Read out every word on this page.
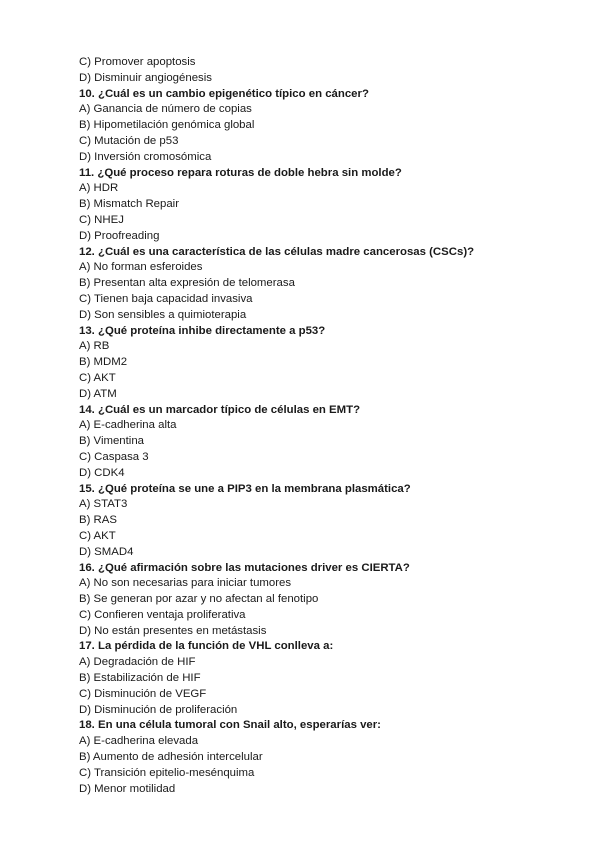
C) Promover apoptosis
D) Disminuir angiogénesis
10. ¿Cuál es un cambio epigenético típico en cáncer?
A) Ganancia de número de copias
B) Hipometilación genómica global
C) Mutación de p53
D) Inversión cromosómica
11. ¿Qué proceso repara roturas de doble hebra sin molde?
A) HDR
B) Mismatch Repair
C) NHEJ
D) Proofreading
12. ¿Cuál es una característica de las células madre cancerosas (CSCs)?
A) No forman esferoides
B) Presentan alta expresión de telomerasa
C) Tienen baja capacidad invasiva
D) Son sensibles a quimioterapia
13. ¿Qué proteína inhibe directamente a p53?
A) RB
B) MDM2
C) AKT
D) ATM
14. ¿Cuál es un marcador típico de células en EMT?
A) E-cadherina alta
B) Vimentina
C) Caspasa 3
D) CDK4
15. ¿Qué proteína se une a PIP3 en la membrana plasmática?
A) STAT3
B) RAS
C) AKT
D) SMAD4
16. ¿Qué afirmación sobre las mutaciones driver es CIERTA?
A) No son necesarias para iniciar tumores
B) Se generan por azar y no afectan al fenotipo
C) Confieren ventaja proliferativa
D) No están presentes en metástasis
17. La pérdida de la función de VHL conlleva a:
A) Degradación de HIF
B) Estabilización de HIF
C) Disminución de VEGF
D) Disminución de proliferación
18. En una célula tumoral con Snail alto, esperarías ver:
A) E-cadherina elevada
B) Aumento de adhesión intercelular
C) Transición epitelio-mesénquima
D) Menor motilidad
